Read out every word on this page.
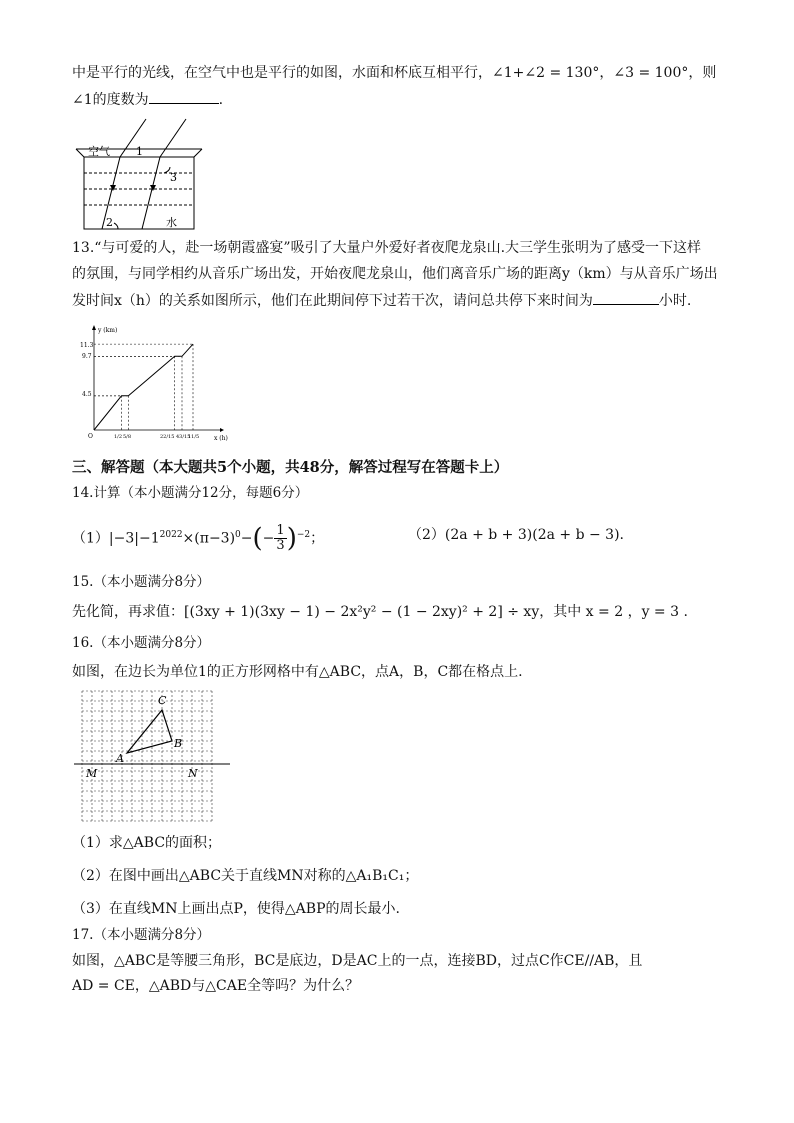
中是平行的光线，在空气中也是平行的如图，水面和杯底互相平行，∠1+∠2 = 130°，∠3 = 100°，则
∠1的度数为	.
空气 1
3
2	水
13.“与可爱的人，赴一场朝霞盛宴”吸引了大量户外爱好者夜爬龙泉山.大三学生张明为了感受一下这样
的氛围，与同学相约从音乐广场出发，开始夜爬龙泉山，他们离音乐广场的距离y（km）与从音乐广场出
发时间x（h）的关系如图所示，他们在此期间停下过若干次，请问总共停下来时间为	小时.
y (km)
x (h)
O
11.3
9.7
4.5
1/2 5/8	22/15 43/15
11/5
三、解答题（本大题共5个小题，共48分，解答过程写在答题卡上）
14.计算（本小题满分12分，每题6分）
$(1)|-3|-1^{2022}\times(\pi-3)^0-(- \frac{1}{3} )^{-2}$；	（2）(2a + b + 3)(2a + b − 3).
15.（本小题满分8分）
先化简，再求值：[(3xy + 1)(3xy − 1) − 2x²y² − (1 − 2xy)² + 2] ÷ xy，其中 x = 2 ，y = 3 .
16.（本小题满分8分）
如图，在边长为单位1的正方形网格中有△ABC，点A，B，C都在格点上.
A
B
C
M	N
（1）求△ABC的面积；
（2）在图中画出△ABC关于直线MN对称的△A₁B₁C₁；
（3）在直线MN上画出点P，使得△ABP的周长最小.
17.（本小题满分8分）
如图，△ABC是等腰三角形，BC是底边，D是AC上的一点，连接BD，过点C作CE//AB，且
AD = CE，△ABD与△CAE全等吗？为什么？
